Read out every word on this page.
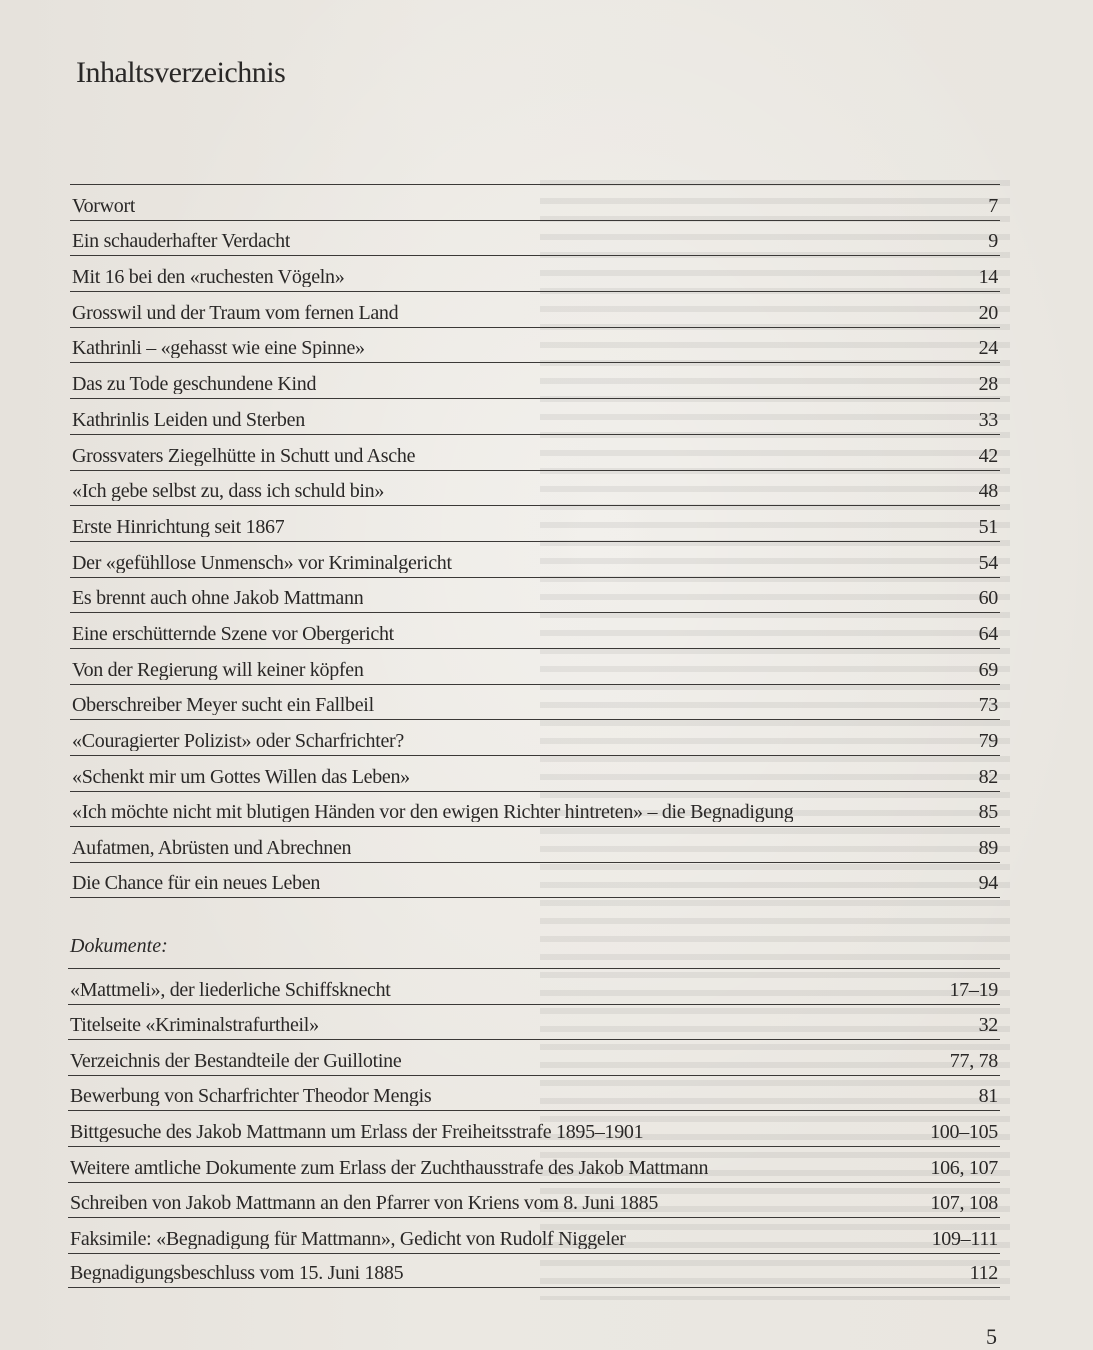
Inhaltsverzeichnis
Vorwort	7
Ein schauderhafter Verdacht	9
Mit 16 bei den «ruchesten Vögeln»	14
Grosswil und der Traum vom fernen Land	20
Kathrinli – «gehasst wie eine Spinne»	24
Das zu Tode geschundene Kind	28
Kathrinlis Leiden und Sterben	33
Grossvaters Ziegelhütte in Schutt und Asche	42
«Ich gebe selbst zu, dass ich schuld bin»	48
Erste Hinrichtung seit 1867	51
Der «gefühllose Unmensch» vor Kriminalgericht	54
Es brennt auch ohne Jakob Mattmann	60
Eine erschütternde Szene vor Obergericht	64
Von der Regierung will keiner köpfen	69
Oberschreiber Meyer sucht ein Fallbeil	73
«Couragierter Polizist» oder Scharfrichter?	79
«Schenkt mir um Gottes Willen das Leben»	82
«Ich möchte nicht mit blutigen Händen vor den ewigen Richter hintreten» – die Begnadigung	85
Aufatmen, Abrüsten und Abrechnen	89
Die Chance für ein neues Leben	94
Dokumente:
«Mattmeli», der liederliche Schiffsknecht	17–19
Titelseite «Kriminalstrafurtheil»	32
Verzeichnis der Bestandteile der Guillotine	77, 78
Bewerbung von Scharfrichter Theodor Mengis	81
Bittgesuche des Jakob Mattmann um Erlass der Freiheitsstrafe 1895–1901	100–105
Weitere amtliche Dokumente zum Erlass der Zuchthausstrafe des Jakob Mattmann	106, 107
Schreiben von Jakob Mattmann an den Pfarrer von Kriens vom 8. Juni 1885	107, 108
Faksimile: «Begnadigung für Mattmann», Gedicht von Rudolf Niggeler	109–111
Begnadigungsbeschluss vom 15. Juni 1885	112
5
